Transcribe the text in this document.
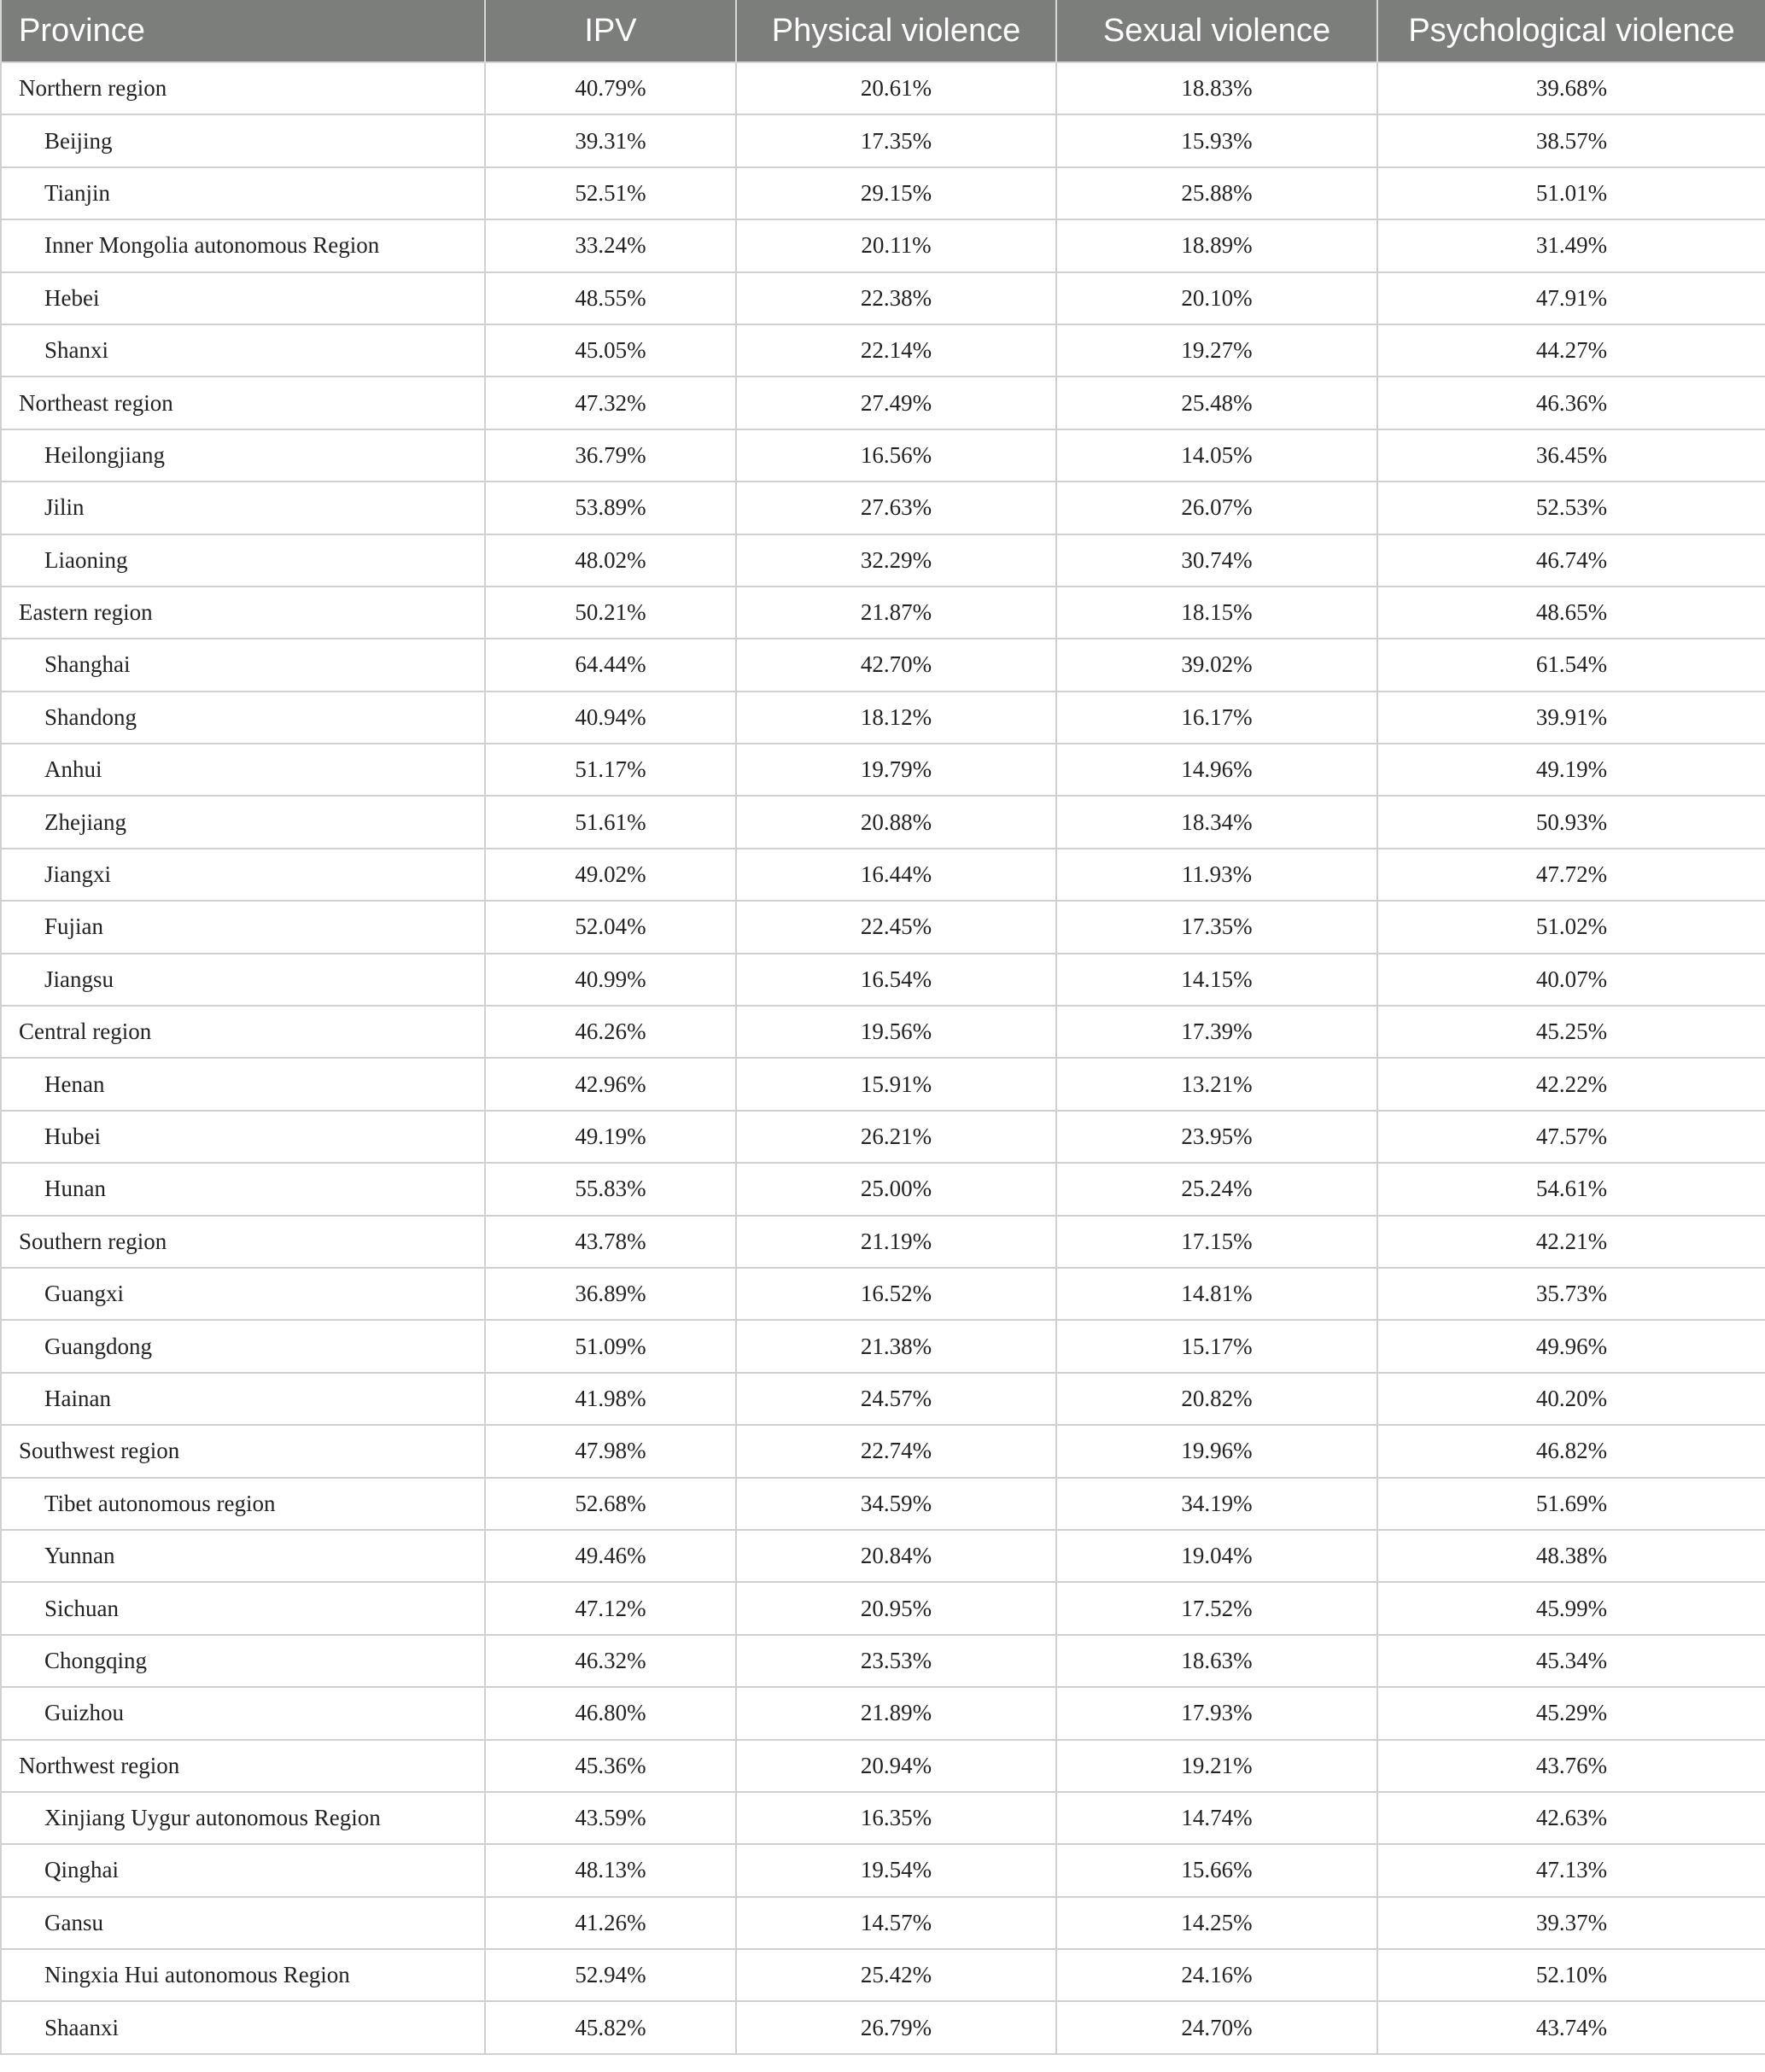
Province	IPV	Physical violence	Sexual violence	Psychological violence
Northern region	40.79%	20.61%	18.83%	39.68%
Beijing	39.31%	17.35%	15.93%	38.57%
Tianjin	52.51%	29.15%	25.88%	51.01%
Inner Mongolia autonomous Region	33.24%	20.11%	18.89%	31.49%
Hebei	48.55%	22.38%	20.10%	47.91%
Shanxi	45.05%	22.14%	19.27%	44.27%
Northeast region	47.32%	27.49%	25.48%	46.36%
Heilongjiang	36.79%	16.56%	14.05%	36.45%
Jilin	53.89%	27.63%	26.07%	52.53%
Liaoning	48.02%	32.29%	30.74%	46.74%
Eastern region	50.21%	21.87%	18.15%	48.65%
Shanghai	64.44%	42.70%	39.02%	61.54%
Shandong	40.94%	18.12%	16.17%	39.91%
Anhui	51.17%	19.79%	14.96%	49.19%
Zhejiang	51.61%	20.88%	18.34%	50.93%
Jiangxi	49.02%	16.44%	11.93%	47.72%
Fujian	52.04%	22.45%	17.35%	51.02%
Jiangsu	40.99%	16.54%	14.15%	40.07%
Central region	46.26%	19.56%	17.39%	45.25%
Henan	42.96%	15.91%	13.21%	42.22%
Hubei	49.19%	26.21%	23.95%	47.57%
Hunan	55.83%	25.00%	25.24%	54.61%
Southern region	43.78%	21.19%	17.15%	42.21%
Guangxi	36.89%	16.52%	14.81%	35.73%
Guangdong	51.09%	21.38%	15.17%	49.96%
Hainan	41.98%	24.57%	20.82%	40.20%
Southwest region	47.98%	22.74%	19.96%	46.82%
Tibet autonomous region	52.68%	34.59%	34.19%	51.69%
Yunnan	49.46%	20.84%	19.04%	48.38%
Sichuan	47.12%	20.95%	17.52%	45.99%
Chongqing	46.32%	23.53%	18.63%	45.34%
Guizhou	46.80%	21.89%	17.93%	45.29%
Northwest region	45.36%	20.94%	19.21%	43.76%
Xinjiang Uygur autonomous Region	43.59%	16.35%	14.74%	42.63%
Qinghai	48.13%	19.54%	15.66%	47.13%
Gansu	41.26%	14.57%	14.25%	39.37%
Ningxia Hui autonomous Region	52.94%	25.42%	24.16%	52.10%
Shaanxi	45.82%	26.79%	24.70%	43.74%
